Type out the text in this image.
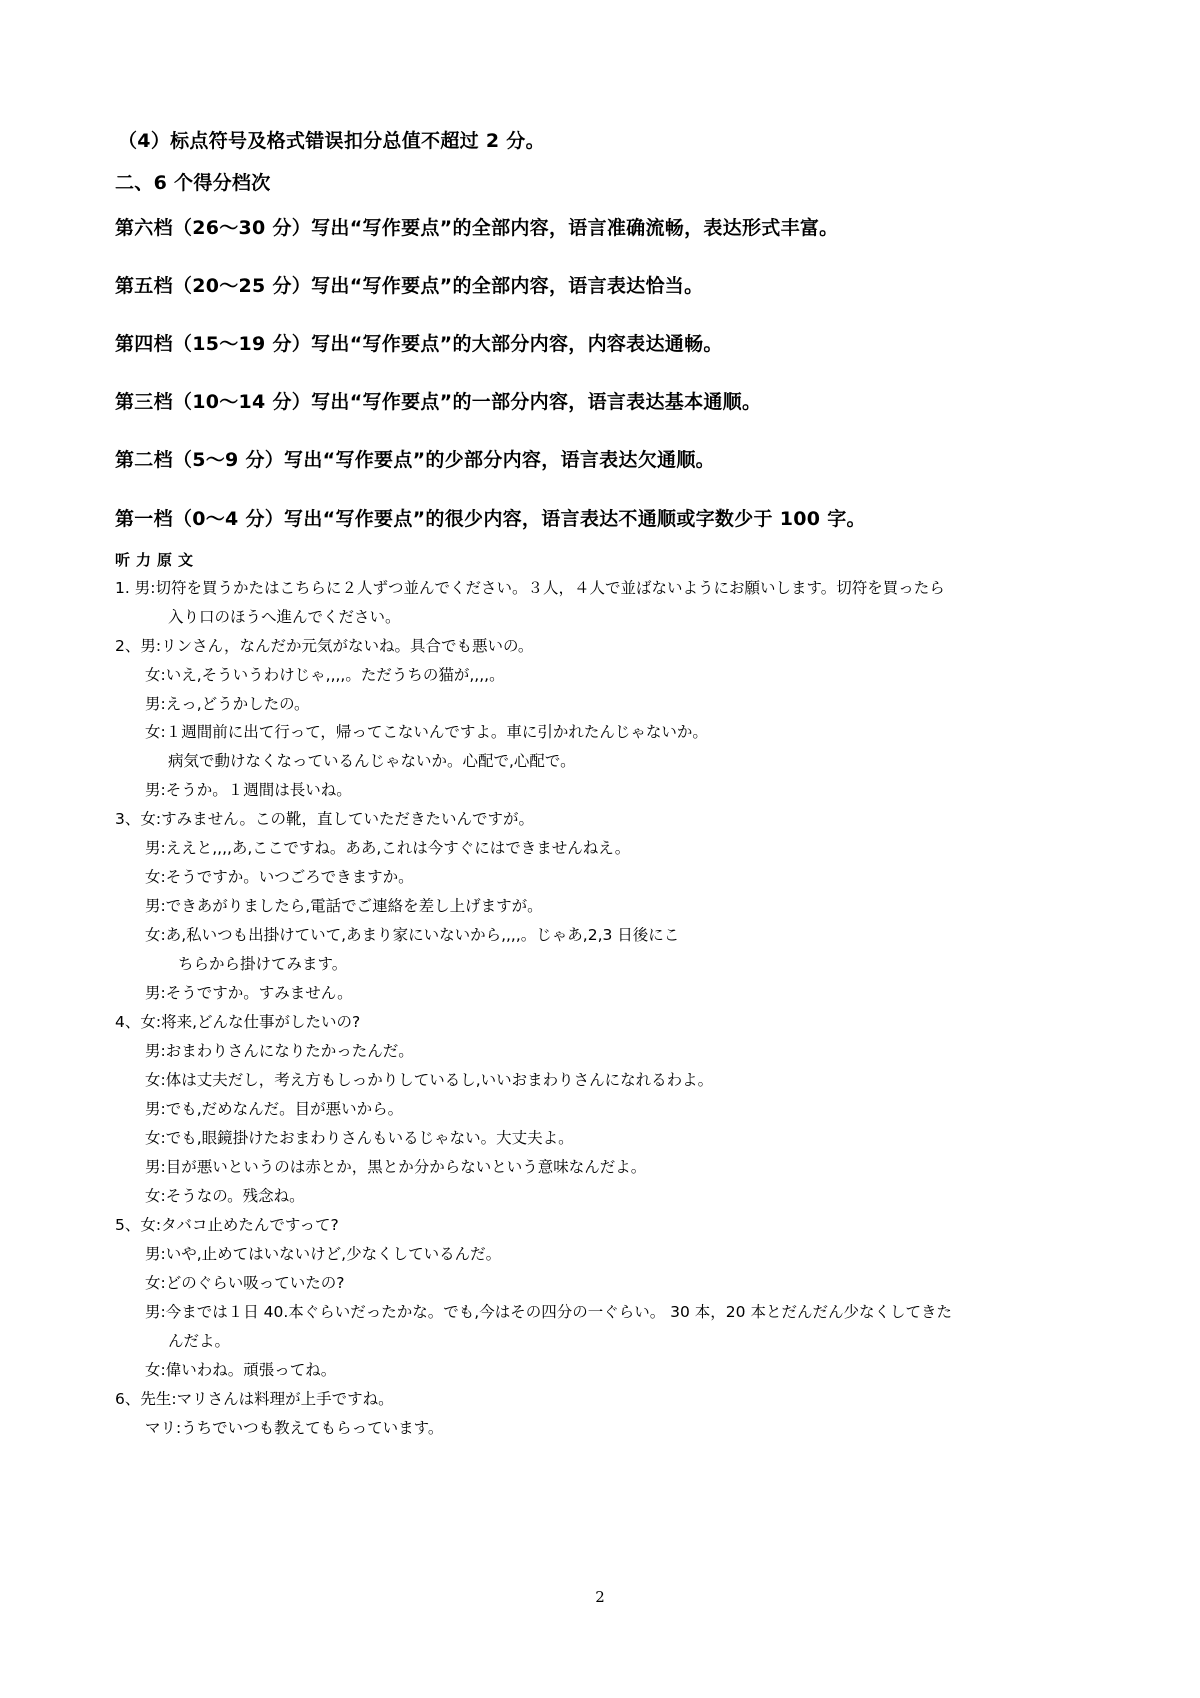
（4）标点符号及格式错误扣分总值不超过 2 分。
二、6 个得分档次
第六档（26～30 分）写出“写作要点”的全部内容，语言准确流畅，表达形式丰富。
第五档（20～25 分）写出“写作要点”的全部内容，语言表达恰当。
第四档（15～19 分）写出“写作要点”的大部分内容，内容表达通畅。
第三档（10～14 分）写出“写作要点”的一部分内容，语言表达基本通顺。
第二档（5～9 分）写出“写作要点”的少部分内容，语言表达欠通顺。
第一档（0～4 分）写出“写作要点”的很少内容，语言表达不通顺或字数少于 100 字。
听力原文
1. 男:切符を買うかたはこちらに２人ずつ並んでください。３人，４人で並ばないようにお願いします。切符を買ったら
入り口のほうへ進んでください。
2、男:リンさん，なんだか元気がないね。具合でも悪いの。
女:いえ,そういうわけじゃ,,,,。ただうちの猫が,,,,。
男:えっ,どうかしたの。
女:１週間前に出て行って，帰ってこないんですよ。車に引かれたんじゃないか。
病気で動けなくなっているんじゃないか。心配で,心配で。
男:そうか。１週間は長いね。
3、女:すみません。この靴，直していただきたいんですが。
男:ええと,,,,あ,ここですね。ああ,これは今すぐにはできませんねえ。
女:そうですか。いつごろできますか。
男:できあがりましたら,電話でご連絡を差し上げますが。
女:あ,私いつも出掛けていて,あまり家にいないから,,,,。じゃあ,2,3 日後にこ
ちらから掛けてみます。
男:そうですか。すみません。
4、女:将来,どんな仕事がしたいの?
男:おまわりさんになりたかったんだ。
女:体は丈夫だし，考え方もしっかりしているし,いいおまわりさんになれるわよ。
男:でも,だめなんだ。目が悪いから。
女:でも,眼鏡掛けたおまわりさんもいるじゃない。大丈夫よ。
男:目が悪いというのは赤とか，黒とか分からないという意味なんだよ。
女:そうなの。残念ね。
5、女:タバコ止めたんですって?
男:いや,止めてはいないけど,少なくしているんだ。
女:どのぐらい吸っていたの?
男:今までは１日 40.本ぐらいだったかな。でも,今はその四分の一ぐらい。 30 本，20 本とだんだん少なくしてきた
んだよ。
女:偉いわね。頑張ってね。
6、先生:マリさんは料理が上手ですね。
マリ:うちでいつも教えてもらっています。
2
